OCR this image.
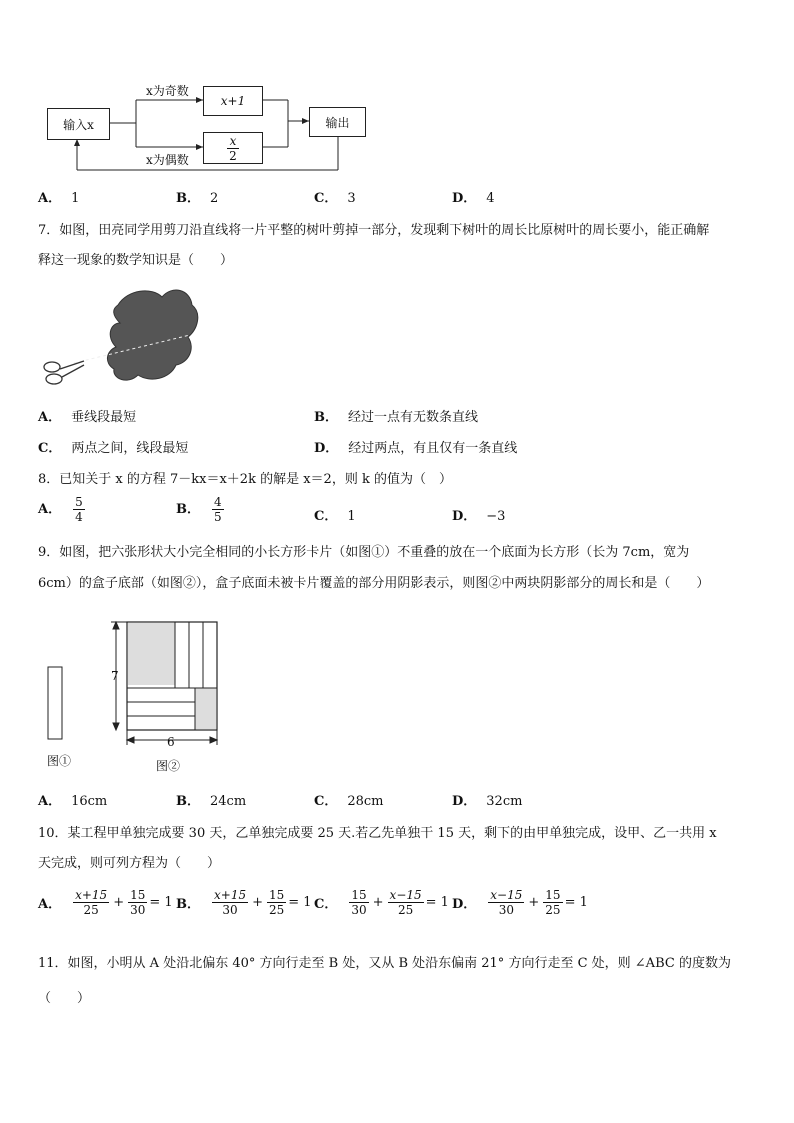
输入x
x为奇数
x为偶数
x+1
$\frac{x}{2}$
输出
A． 1	B． 2	C． 3	D． 4
7．如图，田亮同学用剪刀沿直线将一片平整的树叶剪掉一部分，发现剩下树叶的周长比原树叶的周长要小，能正确解
释这一现象的数学知识是（　　）
A． 垂线段最短	B． 经过一点有无数条直线
C． 两点之间，线段最短	D． 经过两点，有且仅有一条直线
8．已知关于 x 的方程 7－kx＝x＋2k 的解是 x＝2，则 k 的值为（　）
A． $\frac{5}{4}$	B． $\frac{4}{5}$	C． 1	D． −3
9．如图，把六张形状大小完全相同的小长方形卡片（如图①）不重叠的放在一个底面为长方形（长为 7cm，宽为
6cm）的盒子底部（如图②），盒子底面未被卡片覆盖的部分用阴影表示，则图②中两块阴影部分的周长和是（　　）
7
6
图①	图②
A． 16cm	B． 24cm	C． 28cm	D． 32cm
10．某工程甲单独完成要 30 天，乙单独完成要 25 天.若乙先单独干 15 天，剩下的由甲单独完成，设甲、乙一共用 x
天完成，则可列方程为（　　）
A． $\frac{x+15}{25} + \frac{15}{30} = 1$ B． $\frac{x+15}{30} + \frac{15}{25} = 1$ C． $\frac{15}{30} + \frac{x-15}{25} = 1$ D． $\frac{x-15}{30} + \frac{15}{25} = 1$
11．如图，小明从 A 处沿北偏东 40° 方向行走至 B 处，又从 B 处沿东偏南 21° 方向行走至 C 处，则 ∠ABC 的度数为
（　　）
